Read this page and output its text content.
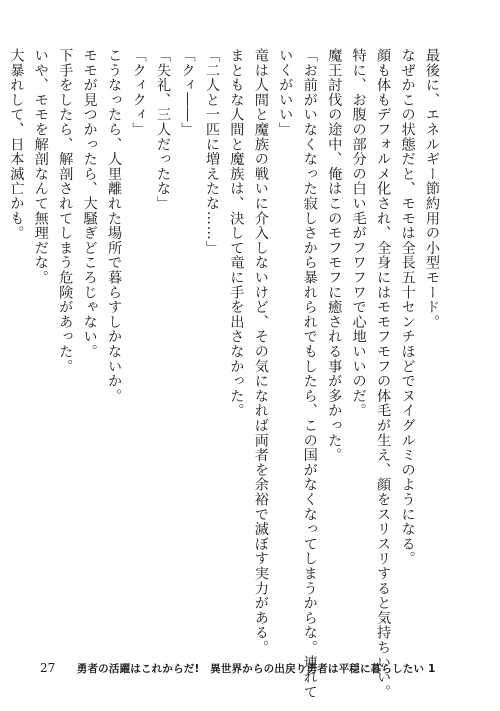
最後に、エネルギー節約用の小型モード。
なぜかこの状態だと、モモは全長五十センチほどでヌイグルミのようになる。
顔も体もデフォルメ化され、全身にはモモフモフの体毛が生え、顔をスリスリすると気持ちいい。
特に、お腹の部分の白い毛がフワフワで心地いいのだ。
魔王討伐の途中、俺はこのモフモフに癒される事が多かった。
「お前がいなくなった寂しさから暴れられでもしたら、この国がなくなってしまうからな。連れて
いくがいい」
竜は人間と魔族の戦いに介入しないけど、その気になれば両者を余裕で滅ぼす実力がある。
まともな人間と魔族は、決して竜に手を出さなかった。
「二人と一匹に増えたな……」
「クィ――」
「失礼、三人だったな」
「クィクィ」
こうなったら、人里離れた場所で暮らすしかないか。
モモが見つかったら、大騒ぎどころじゃない。
下手をしたら、解剖されてしまう危険があった。
いや、モモを解剖なんて無理だな。
大暴れして、日本滅亡かも。
27 勇者の活躍はこれからだ!　異世界からの出戻り勇者は平穏に暮らしたい 1
